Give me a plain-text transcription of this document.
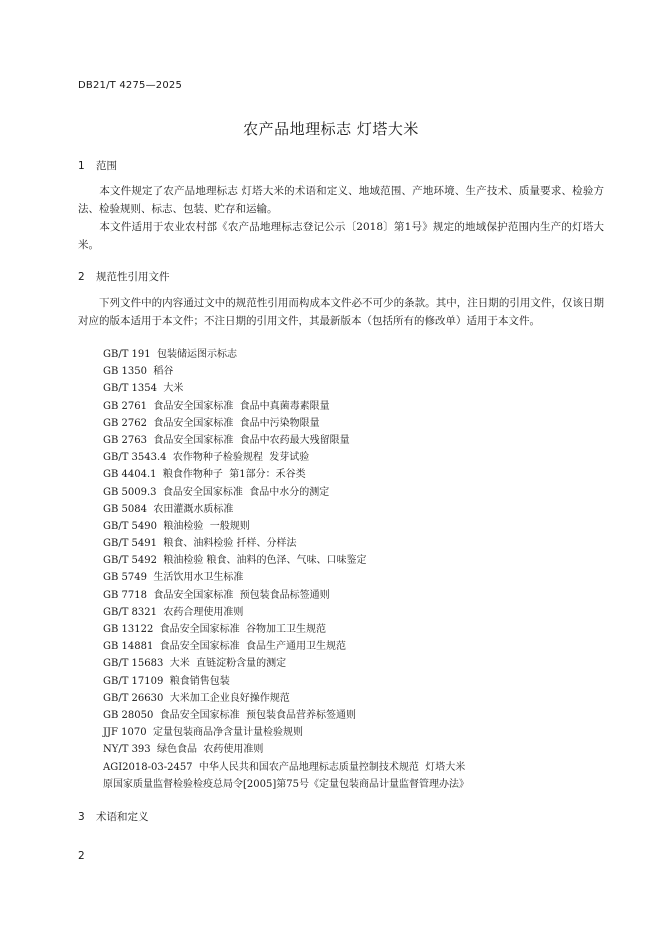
DB21/T 4275—2025
农产品地理标志 灯塔大米
1 范围
　　本文件规定了农产品地理标志 灯塔大米的术语和定义、地域范围、产地环境、生产技术、质量要求、检验方法、检验规则、标志、包装、贮存和运输。
　　本文件适用于农业农村部《农产品地理标志登记公示〔2018〕第1号》规定的地域保护范围内生产的灯塔大米。
2 规范性引用文件
　　下列文件中的内容通过文中的规范性引用而构成本文件必不可少的条款。其中，注日期的引用文件，仅该日期对应的版本适用于本文件；不注日期的引用文件，其最新版本（包括所有的修改单）适用于本文件。
GB/T 191  包装储运图示标志
GB 1350  稻谷
GB/T 1354  大米
GB 2761  食品安全国家标准  食品中真菌毒素限量
GB 2762  食品安全国家标准  食品中污染物限量
GB 2763  食品安全国家标准  食品中农药最大残留限量
GB/T 3543.4  农作物种子检验规程  发芽试验
GB 4404.1  粮食作物种子  第1部分：禾谷类
GB 5009.3  食品安全国家标准  食品中水分的测定
GB 5084  农田灌溉水质标准
GB/T 5490  粮油检验  一般规则
GB/T 5491  粮食、油料检验 扦样、分样法
GB/T 5492  粮油检验 粮食、油料的色泽、气味、口味鉴定
GB 5749  生活饮用水卫生标准
GB 7718  食品安全国家标准  预包装食品标签通则
GB/T 8321  农药合理使用准则
GB 13122  食品安全国家标准  谷物加工卫生规范
GB 14881  食品安全国家标准  食品生产通用卫生规范
GB/T 15683  大米  直链淀粉含量的测定
GB/T 17109  粮食销售包装
GB/T 26630  大米加工企业良好操作规范
GB 28050  食品安全国家标准  预包装食品营养标签通则
JJF 1070  定量包装商品净含量计量检验规则
NY/T 393  绿色食品  农药使用准则
AGI2018-03-2457  中华人民共和国农产品地理标志质量控制技术规范  灯塔大米
原国家质量监督检验检疫总局令[2005]第75号《定量包装商品计量监督管理办法》
3 术语和定义
2
